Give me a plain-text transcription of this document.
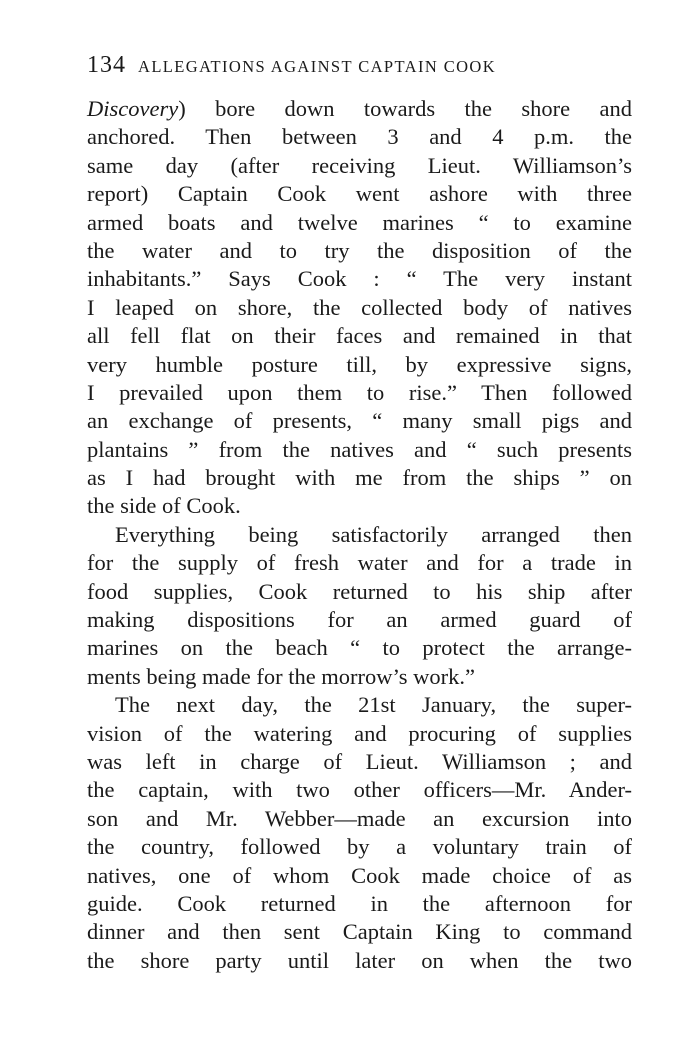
134 ALLEGATIONS AGAINST CAPTAIN COOK
Discovery) bore down towards the shore and
anchored. Then between 3 and 4 p.m. the
same day (after receiving Lieut. Williamson’s
report) Captain Cook went ashore with three
armed boats and twelve marines “ to examine
the water and to try the disposition of the
inhabitants.” Says Cook : “ The very instant
I leaped on shore, the collected body of natives
all fell flat on their faces and remained in that
very humble posture till, by expressive signs,
I prevailed upon them to rise.” Then followed
an exchange of presents, “ many small pigs and
plantains ” from the natives and “ such presents
as I had brought with me from the ships ” on
the side of Cook.
Everything being satisfactorily arranged then
for the supply of fresh water and for a trade in
food supplies, Cook returned to his ship after
making dispositions for an armed guard of
marines on the beach “ to protect the arrange-
ments being made for the morrow’s work.”
The next day, the 21st January, the super-
vision of the watering and procuring of supplies
was left in charge of Lieut. Williamson ; and
the captain, with two other officers—Mr. Ander-
son and Mr. Webber—made an excursion into
the country, followed by a voluntary train of
natives, one of whom Cook made choice of as
guide. Cook returned in the afternoon for
dinner and then sent Captain King to command
the shore party until later on when the two
